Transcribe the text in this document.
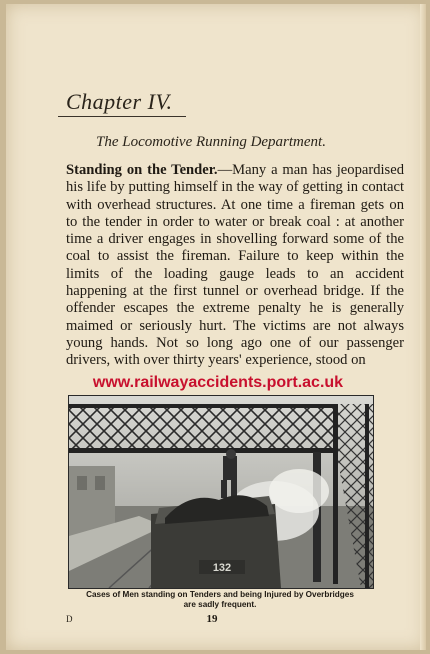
Chapter IV.
The Locomotive Running Department.

Standing on the Tender.—Many a man has jeopardised his life by putting himself in the way of getting in contact with overhead structures. At one time a fireman gets on to the tender in order to water or break coal : at another time a driver engages in shovelling forward some of the coal to assist the fireman. Failure to keep within the limits of the loading gauge leads to an accident happening at the first tunnel or overhead bridge. If the offender escapes the extreme penalty he is generally maimed or seriously hurt. The victims are not always young hands. Not so long ago one of our passenger drivers, with over thirty years' experience, stood on

www.railwayaccidents.port.ac.uk
132
Cases of Men standing on Tenders and being Injured by Overbridges
are sadly frequent.
D	19
